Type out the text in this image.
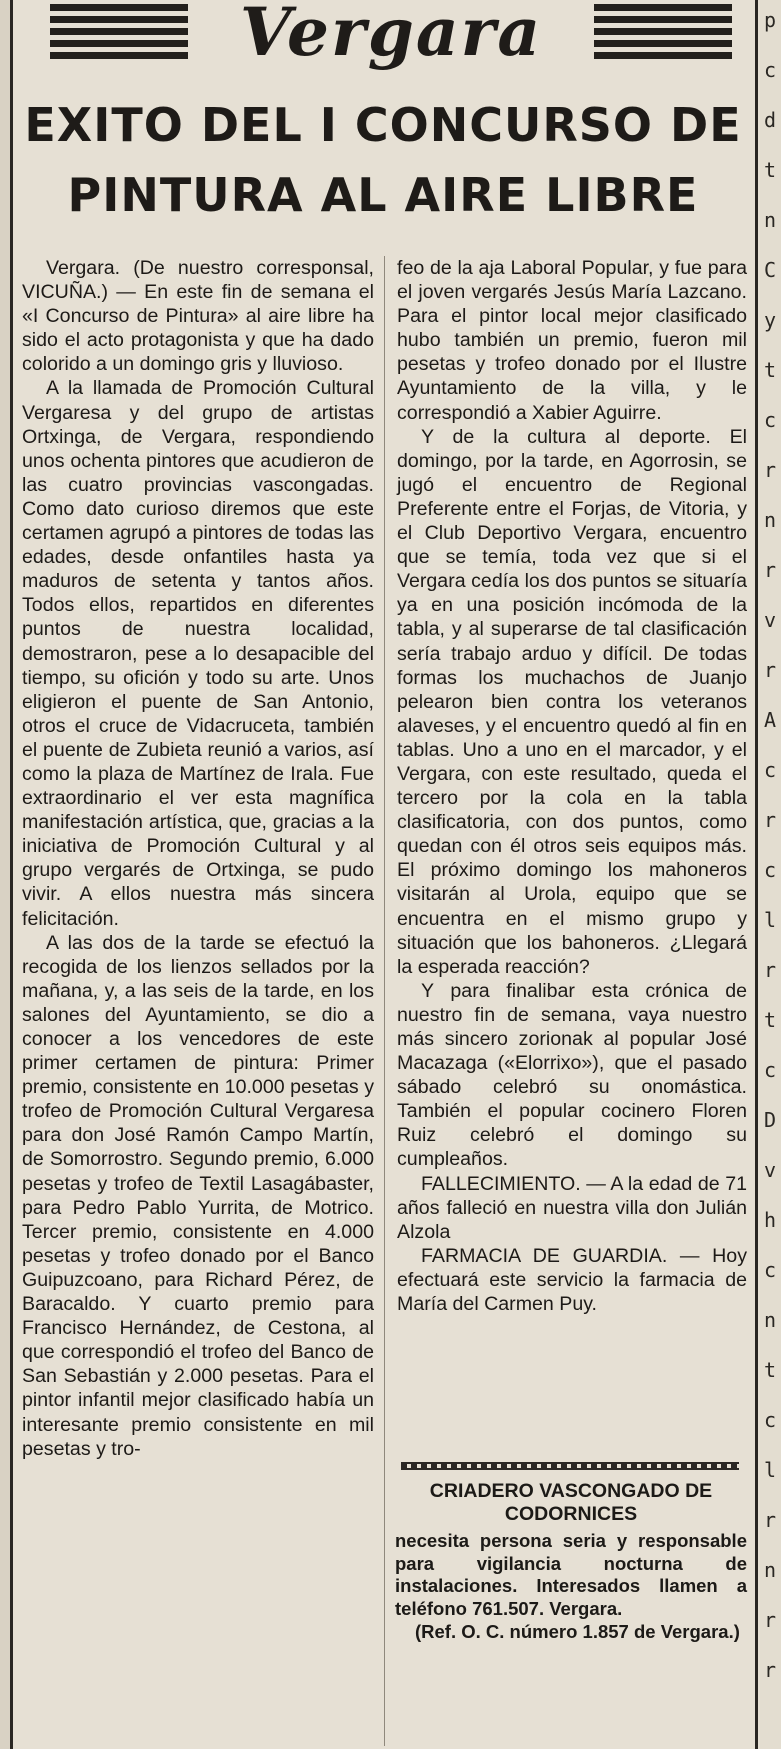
Vergara
EXITO DEL I CONCURSO DE
PINTURA AL AIRE LIBRE

Vergara. (De nuestro corresponsal, VICUÑA.) — En este fin de semana el «I Concurso de Pintura» al aire libre ha sido el acto protagonista y que ha dado colorido a un domingo gris y lluvioso.

A la llamada de Promoción Cultural Vergaresa y del grupo de artistas Ortxinga, de Vergara, respondiendo unos ochenta pintores que acudieron de las cuatro provincias vascongadas. Como dato curioso diremos que este certamen agrupó a pintores de todas las edades, desde onfantiles hasta ya maduros de setenta y tantos años. Todos ellos, repartidos en diferentes puntos de nuestra localidad, demostraron, pese a lo desapacible del tiempo, su ofición y todo su arte. Unos eligieron el puente de San Antonio, otros el cruce de Vidacruceta, también el puente de Zubieta reunió a varios, así como la plaza de Martínez de Irala. Fue extraordinario el ver esta magnífica manifestación artística, que, gracias a la iniciativa de Promoción Cultural y al grupo vergarés de Ortxinga, se pudo vivir. A ellos nuestra más sincera felicitación.

A las dos de la tarde se efectuó la recogida de los lienzos sellados por la mañana, y, a las seis de la tarde, en los salones del Ayuntamiento, se dio a conocer a los vencedores de este primer certamen de pintura: Primer premio, consistente en 10.000 pesetas y trofeo de Promoción Cultural Vergaresa para don José Ramón Campo Martín, de Somorrostro. Segundo premio, 6.000 pesetas y trofeo de Textil Lasagábaster, para Pedro Pablo Yurrita, de Motrico. Tercer premio, consistente en 4.000 pesetas y trofeo donado por el Banco Guipuzcoano, para Richard Pérez, de Baracaldo. Y cuarto premio para Francisco Hernández, de Cestona, al que correspondió el trofeo del Banco de San Sebastián y 2.000 pesetas. Para el pintor infantil mejor clasificado había un interesante premio consistente en mil pesetas y tro-

feo de la aja Laboral Popular, y fue para el joven vergarés Jesús María Lazcano. Para el pintor local mejor clasificado hubo también un premio, fueron mil pesetas y trofeo donado por el Ilustre Ayuntamiento de la villa, y le correspondió a Xabier Aguirre.

Y de la cultura al deporte. El domingo, por la tarde, en Agorrosin, se jugó el encuentro de Regional Preferente entre el Forjas, de Vitoria, y el Club Deportivo Vergara, encuentro que se temía, toda vez que si el Vergara cedía los dos puntos se situaría ya en una posición incómoda de la tabla, y al superarse de tal clasificación sería trabajo arduo y difícil. De todas formas los muchachos de Juanjo pelearon bien contra los veteranos alaveses, y el encuentro quedó al fin en tablas. Uno a uno en el marcador, y el Vergara, con este resultado, queda el tercero por la cola en la tabla clasificatoria, con dos puntos, como quedan con él otros seis equipos más. El próximo domingo los mahoneros visitarán al Urola, equipo que se encuentra en el mismo grupo y situación que los bahoneros. ¿Llegará la esperada reacción?

Y para finalibar esta crónica de nuestro fin de semana, vaya nuestro más sincero zorionak al popular José Macazaga («Elorrixo»), que el pasado sábado celebró su onomástica. También el popular cocinero Floren Ruiz celebró el domingo su cumpleaños.

FALLECIMIENTO. — A la edad de 71 años falleció en nuestra villa don Julián Alzola

FARMACIA DE GUARDIA. — Hoy efectuará este servicio la farmacia de María del Carmen Puy.

CRIADERO VASCONGADO DE CODORNICES

necesita persona seria y responsable para vigilancia nocturna de instalaciones. Interesados llamen a teléfono 761.507. Vergara.

(Ref. O. C. número 1.857 de Vergara.)

p
c
d
t
n
C
y
t
c
r
n
r
v
r
A
c
r
c
l
r
t
c
D
v
h
c
n
t
c
l
r
n
r
r
